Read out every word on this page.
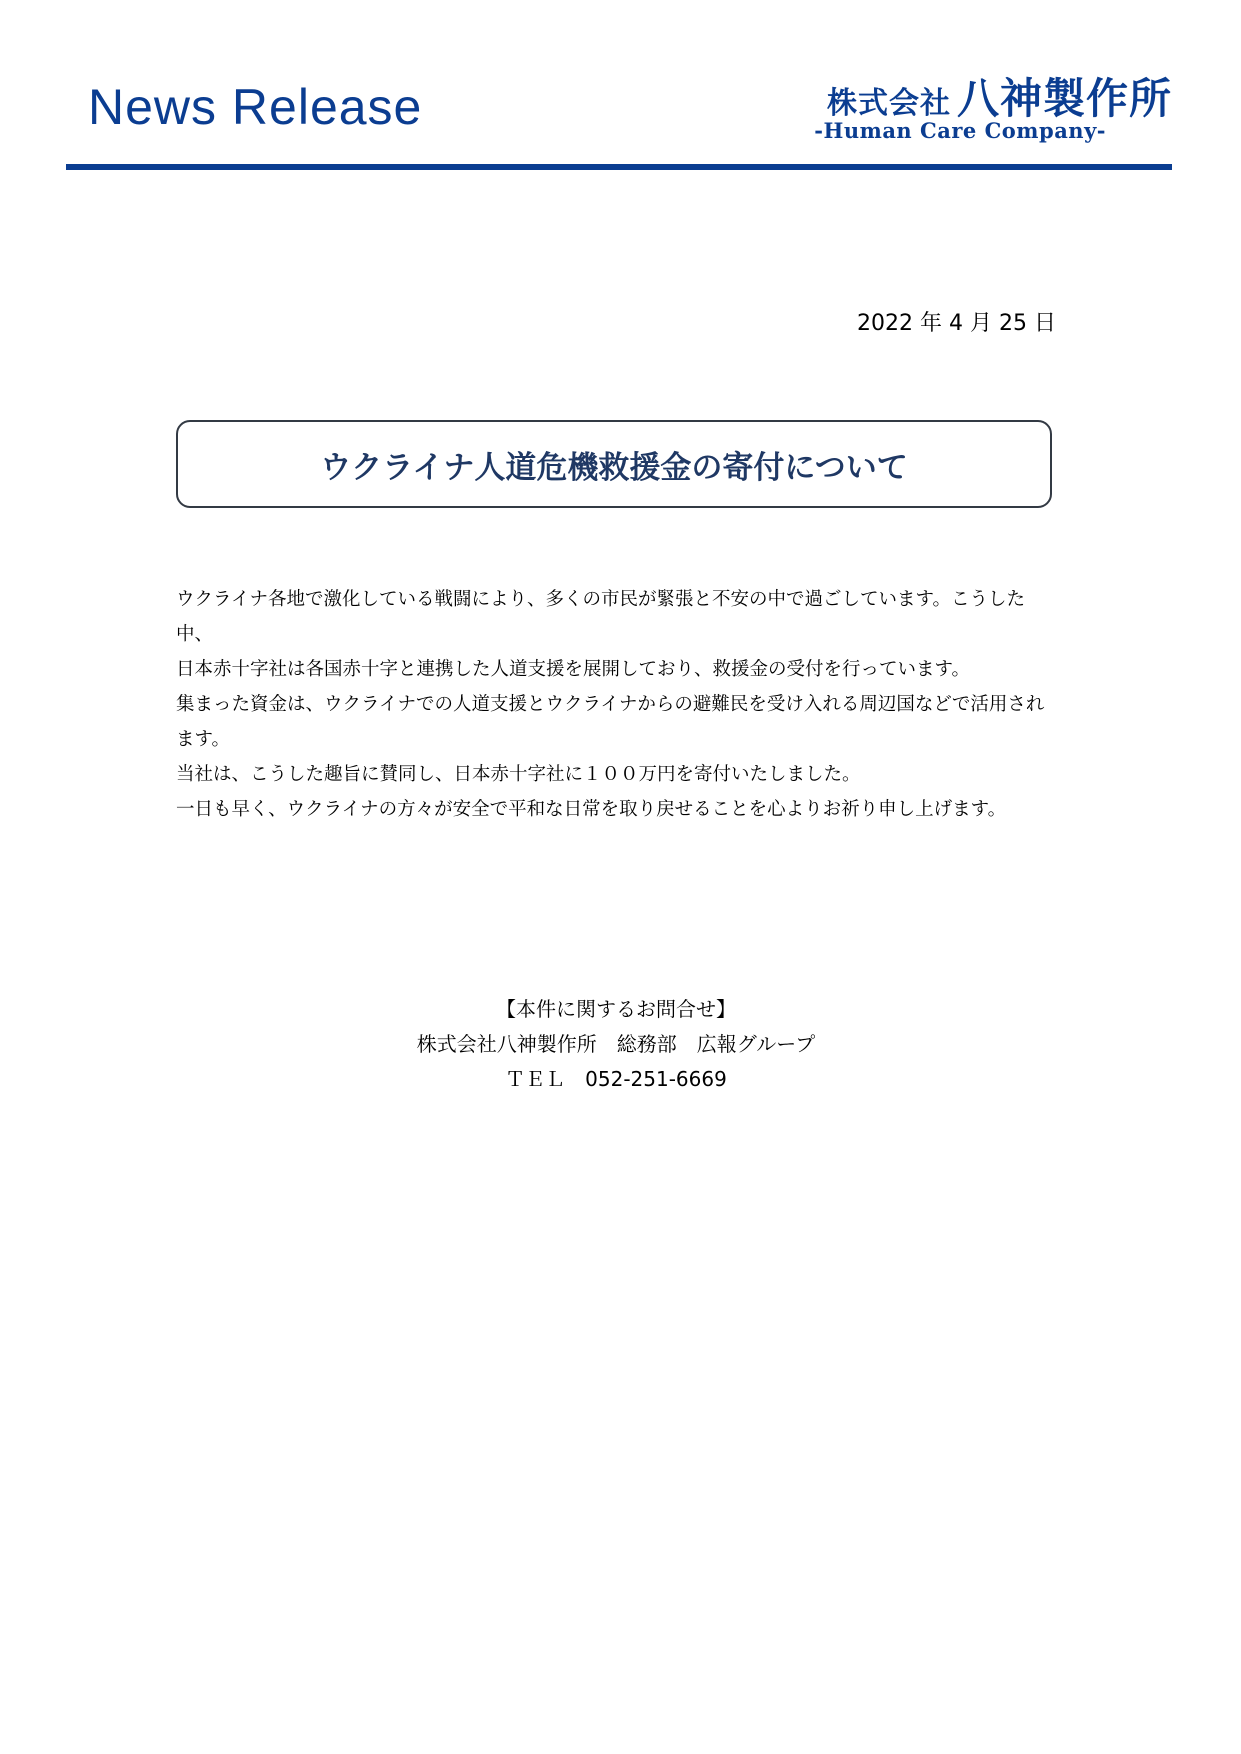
News Release	株式会社 八神製作所
-Human Care Company-
2022 年 4 月 25 日
ウクライナ人道危機救援金の寄付について

ウクライナ各地で激化している戦闘により、多くの市民が緊張と不安の中で過ごしています。こうした中、

日本赤十字社は各国赤十字と連携した人道支援を展開しており、救援金の受付を行っています。

集まった資金は、ウクライナでの人道支援とウクライナからの避難民を受け入れる周辺国などで活用されます。

当社は、こうした趣旨に賛同し、日本赤十字社に１００万円を寄付いたしました。

一日も早く、ウクライナの方々が安全で平和な日常を取り戻せることを心よりお祈り申し上げます。

【本件に関するお問合せ】

株式会社八神製作所　総務部　広報グループ

ＴＥＬ　052-251-6669
